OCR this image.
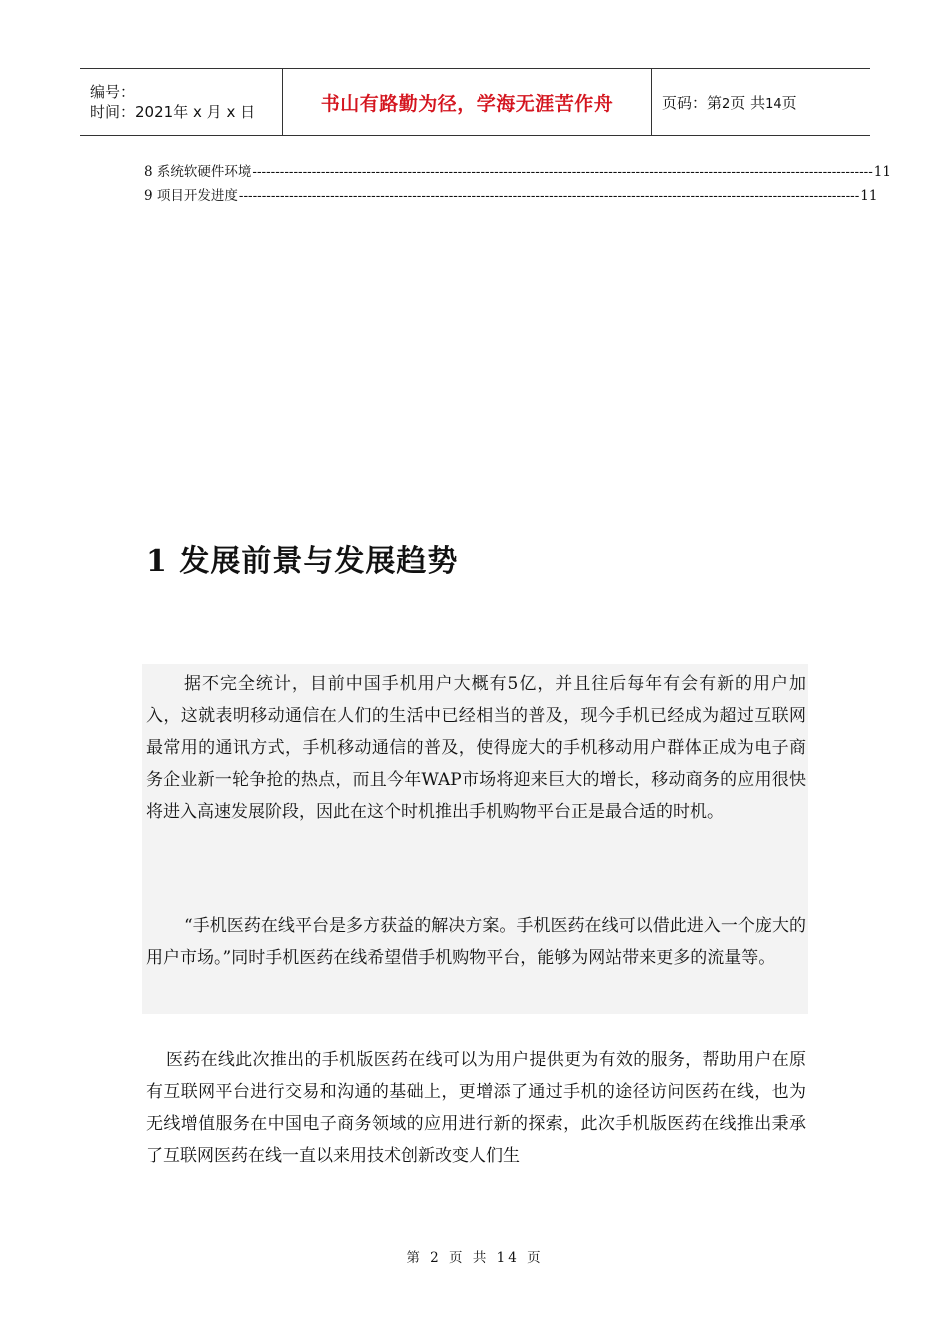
编号：
时间：2021年 x 月 x 日	书山有路勤为径，学海无涯苦作舟	页码：第2页 共14页
8 系统软硬件环境 ---------------------------------------------------------------------------------------------------------------------------------------- 11
9 项目开发进度 ---------------------------------------------------------------------------------------------------------------------------------------- 11
1 发展前景与发展趋势

据不完全统计，目前中国手机用户大概有5亿，并且往后每年有会有新的用户加入，这就表明移动通信在人们的生活中已经相当的普及，现今手机已经成为超过互联网最常用的通讯方式，手机移动通信的普及，使得庞大的手机移动用户群体正成为电子商务企业新一轮争抢的热点，而且今年WAP市场将迎来巨大的增长，移动商务的应用很快将进入高速发展阶段，因此在这个时机推出手机购物平台正是最合适的时机。

“手机医药在线平台是多方获益的解决方案。手机医药在线可以借此进入一个庞大的用户市场。”同时手机医药在线希望借手机购物平台，能够为网站带来更多的流量等。

医药在线此次推出的手机版医药在线可以为用户提供更为有效的服务，帮助用户在原有互联网平台进行交易和沟通的基础上，更增添了通过手机的途径访问医药在线，也为无线增值服务在中国电子商务领域的应用进行新的探索，此次手机版医药在线推出秉承了互联网医药在线一直以来用技术创新改变人们生

第 2 页 共 14 页
